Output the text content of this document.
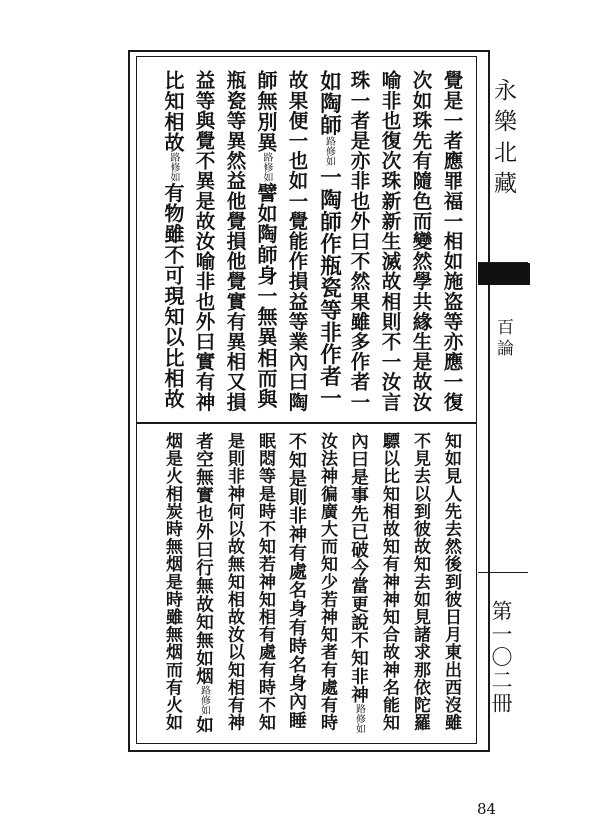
永樂北藏
百論
第一〇二冊
覺是一者應罪福一相如施盗等亦應一復
次如珠先有隨色而變然學共緣生是故汝
喻非也復次珠新新生滅故相則不一汝言
珠一者是亦非也外曰不然果雖多作者一
如陶師路修如一陶師作瓶瓷等非作者一
故果便一也如一覺能作損益等業內曰陶
師無別異路修如譬如陶師身一無異相而與
瓶瓷等異然益他覺損他覺實有異相又損
益等與覺不異是故汝喻非也外曰實有神
比知相故路修如有物雖不可現知以比相故
知如見人先去然後到彼日月東出西沒雖
不見去以到彼故知去如見諸求那依陀羅
驃以比知相故知有神神知合故神名能知
內曰是事先已破今當更說不知非神路修如
汝法神徧廣大而知少若神知者有處有時
不知是則非神有處名身有時名身內睡
眠悶等是時不知若神知相有處有時不知
是則非神何以故無知相故汝以知相有神
者空無實也外曰行無故知無如烟路修如如
烟是火相炭時無烟是時雖無烟而有火如
84
